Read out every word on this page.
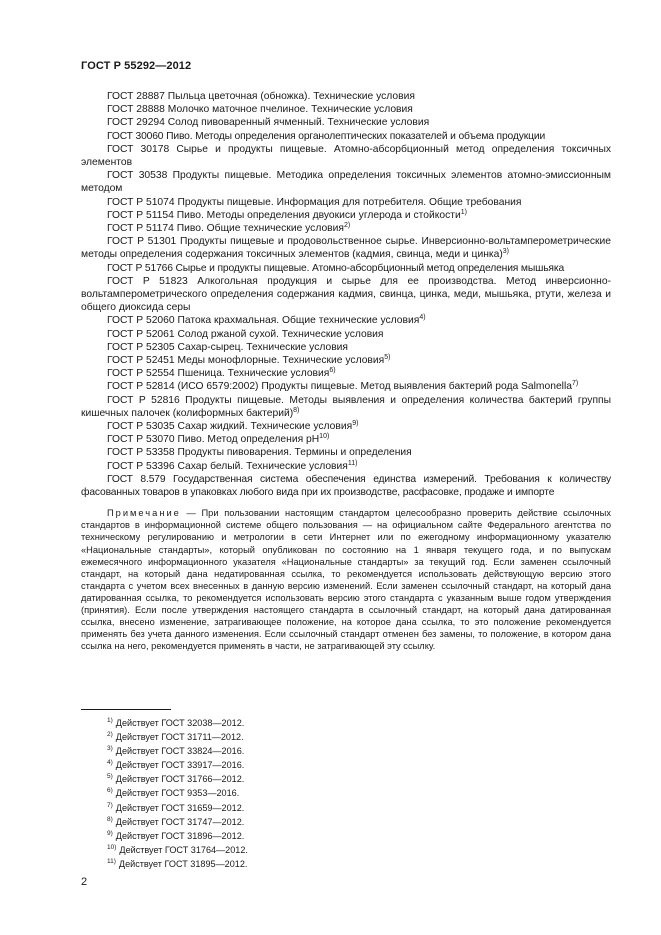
ГОСТ Р 55292—2012

ГОСТ 28887 Пыльца цветочная (обножка). Технические условия

ГОСТ 28888 Молочко маточное пчелиное. Технические условия

ГОСТ 29294 Солод пивоваренный ячменный. Технические условия

ГОСТ 30060 Пиво. Методы определения органолептических показателей и объема продукции

ГОСТ 30178 Сырье и продукты пищевые. Атомно-абсорбционный метод определения токсичных элементов

ГОСТ 30538 Продукты пищевые. Методика определения токсичных элементов атомно-эмиссионным методом

ГОСТ Р 51074 Продукты пищевые. Информация для потребителя. Общие требования

ГОСТ Р 51154 Пиво. Методы определения двуокиси углерода и стойкости$^{1)}$

ГОСТ Р 51174 Пиво. Общие технические условия$^{2)}$

ГОСТ Р 51301 Продукты пищевые и продовольственное сырье. Инверсионно-вольтамперометрические методы определения содержания токсичных элементов (кадмия, свинца, меди и цинка)$^{3)}$

ГОСТ Р 51766 Сырье и продукты пищевые. Атомно-абсорбционный метод определения мышьяка

ГОСТ Р 51823 Алкогольная продукция и сырье для ее производства. Метод инверсионно-вольтамперометрического определения содержания кадмия, свинца, цинка, меди, мышьяка, ртути, железа и общего диоксида серы

ГОСТ Р 52060 Патока крахмальная. Общие технические условия$^{4)}$

ГОСТ Р 52061 Солод ржаной сухой. Технические условия

ГОСТ Р 52305 Сахар-сырец. Технические условия

ГОСТ Р 52451 Меды монофлорные. Технические условия$^{5)}$

ГОСТ Р 52554 Пшеница. Технические условия$^{6)}$

ГОСТ Р 52814 (ИСО 6579:2002) Продукты пищевые. Метод выявления бактерий рода Salmonella$^{7)}$

ГОСТ Р 52816 Продукты пищевые. Методы выявления и определения количества бактерий группы кишечных палочек (колиформных бактерий)$^{8)}$

ГОСТ Р 53035 Сахар жидкий. Технические условия$^{9)}$

ГОСТ Р 53070 Пиво. Метод определения $pH^{10)}$

ГОСТ Р 53358 Продукты пивоварения. Термины и определения

ГОСТ Р 53396 Сахар белый. Технические условия$^{11)}$

ГОСТ 8.579 Государственная система обеспечения единства измерений. Требования к количеству фасованных товаров в упаковках любого вида при их производстве, расфасовке, продаже и импорте

Примечание — При пользовании настоящим стандартом целесообразно проверить действие ссылочных стандартов в информационной системе общего пользования — на официальном сайте Федерального агентства по техническому регулированию и метрологии в сети Интернет или по ежегодному информационному указателю «Национальные стандарты», который опубликован по состоянию на 1 января текущего года, и по выпускам ежемесячного информационного указателя «Национальные стандарты» за текущий год. Если заменен ссылочный стандарт, на который дана недатированная ссылка, то рекомендуется использовать действующую версию этого стандарта с учетом всех внесенных в данную версию изменений. Если заменен ссылочный стандарт, на который дана датированная ссылка, то рекомендуется использовать версию этого стандарта с указанным выше годом утверждения (принятия). Если после утверждения настоящего стандарта в ссылочный стандарт, на который дана датированная ссылка, внесено изменение, затрагивающее положение, на которое дана ссылка, то это положение рекомендуется применять без учета данного изменения. Если ссылочный стандарт отменен без замены, то положение, в котором дана ссылка на него, рекомендуется применять в части, не затрагивающей эту ссылку.

$^{1)}$ Действует ГОСТ 32038—2012.
$^{2)}$ Действует ГОСТ 31711—2012.
$^{3)}$ Действует ГОСТ 33824—2016.
$^{4)}$ Действует ГОСТ 33917—2016.
$^{5)}$ Действует ГОСТ 31766—2012.
$^{6)}$ Действует ГОСТ 9353—2016.
$^{7)}$ Действует ГОСТ 31659—2012.
$^{8)}$ Действует ГОСТ 31747—2012.
$^{9)}$ Действует ГОСТ 31896—2012.
$^{10)}$ Действует ГОСТ 31764—2012.
$^{11)}$ Действует ГОСТ 31895—2012.
2
